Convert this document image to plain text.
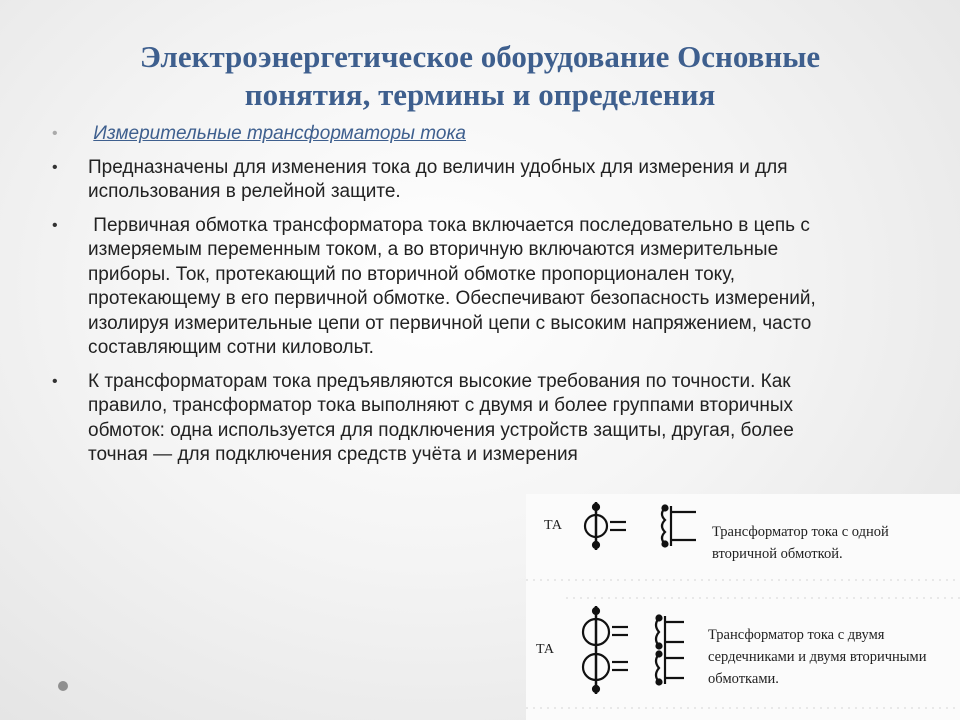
Электроэнергетическое оборудование Основные
понятия, термины и определения
• Измерительные трансформаторы тока
• Предназначены для изменения тока до величин удобных для измерения и для использования в релейной защите.
• Первичная обмотка трансформатора тока включается последовательно в цепь с измеряемым переменным током, а во вторичную включаются измерительные приборы. Ток, протекающий по вторичной обмотке пропорционален току, протекающему в его первичной обмотке. Обеспечивают безопасность измерений, изолируя измерительные цепи от первичной цепи с высоким напряжением, часто составляющим сотни киловольт.
• К трансформаторам тока предъявляются высокие требования по точности. Как правило, трансформатор тока выполняют с двумя и более группами вторичных обмоток: одна используется для подключения устройств защиты, другая, более точная — для подключения средств учёта и измерения
ТА
ТА
Трансформатор тока с одной
вторичной обмоткой.
Трансформатор тока с двумя
сердечниками и двумя вторичными
обмотками.
